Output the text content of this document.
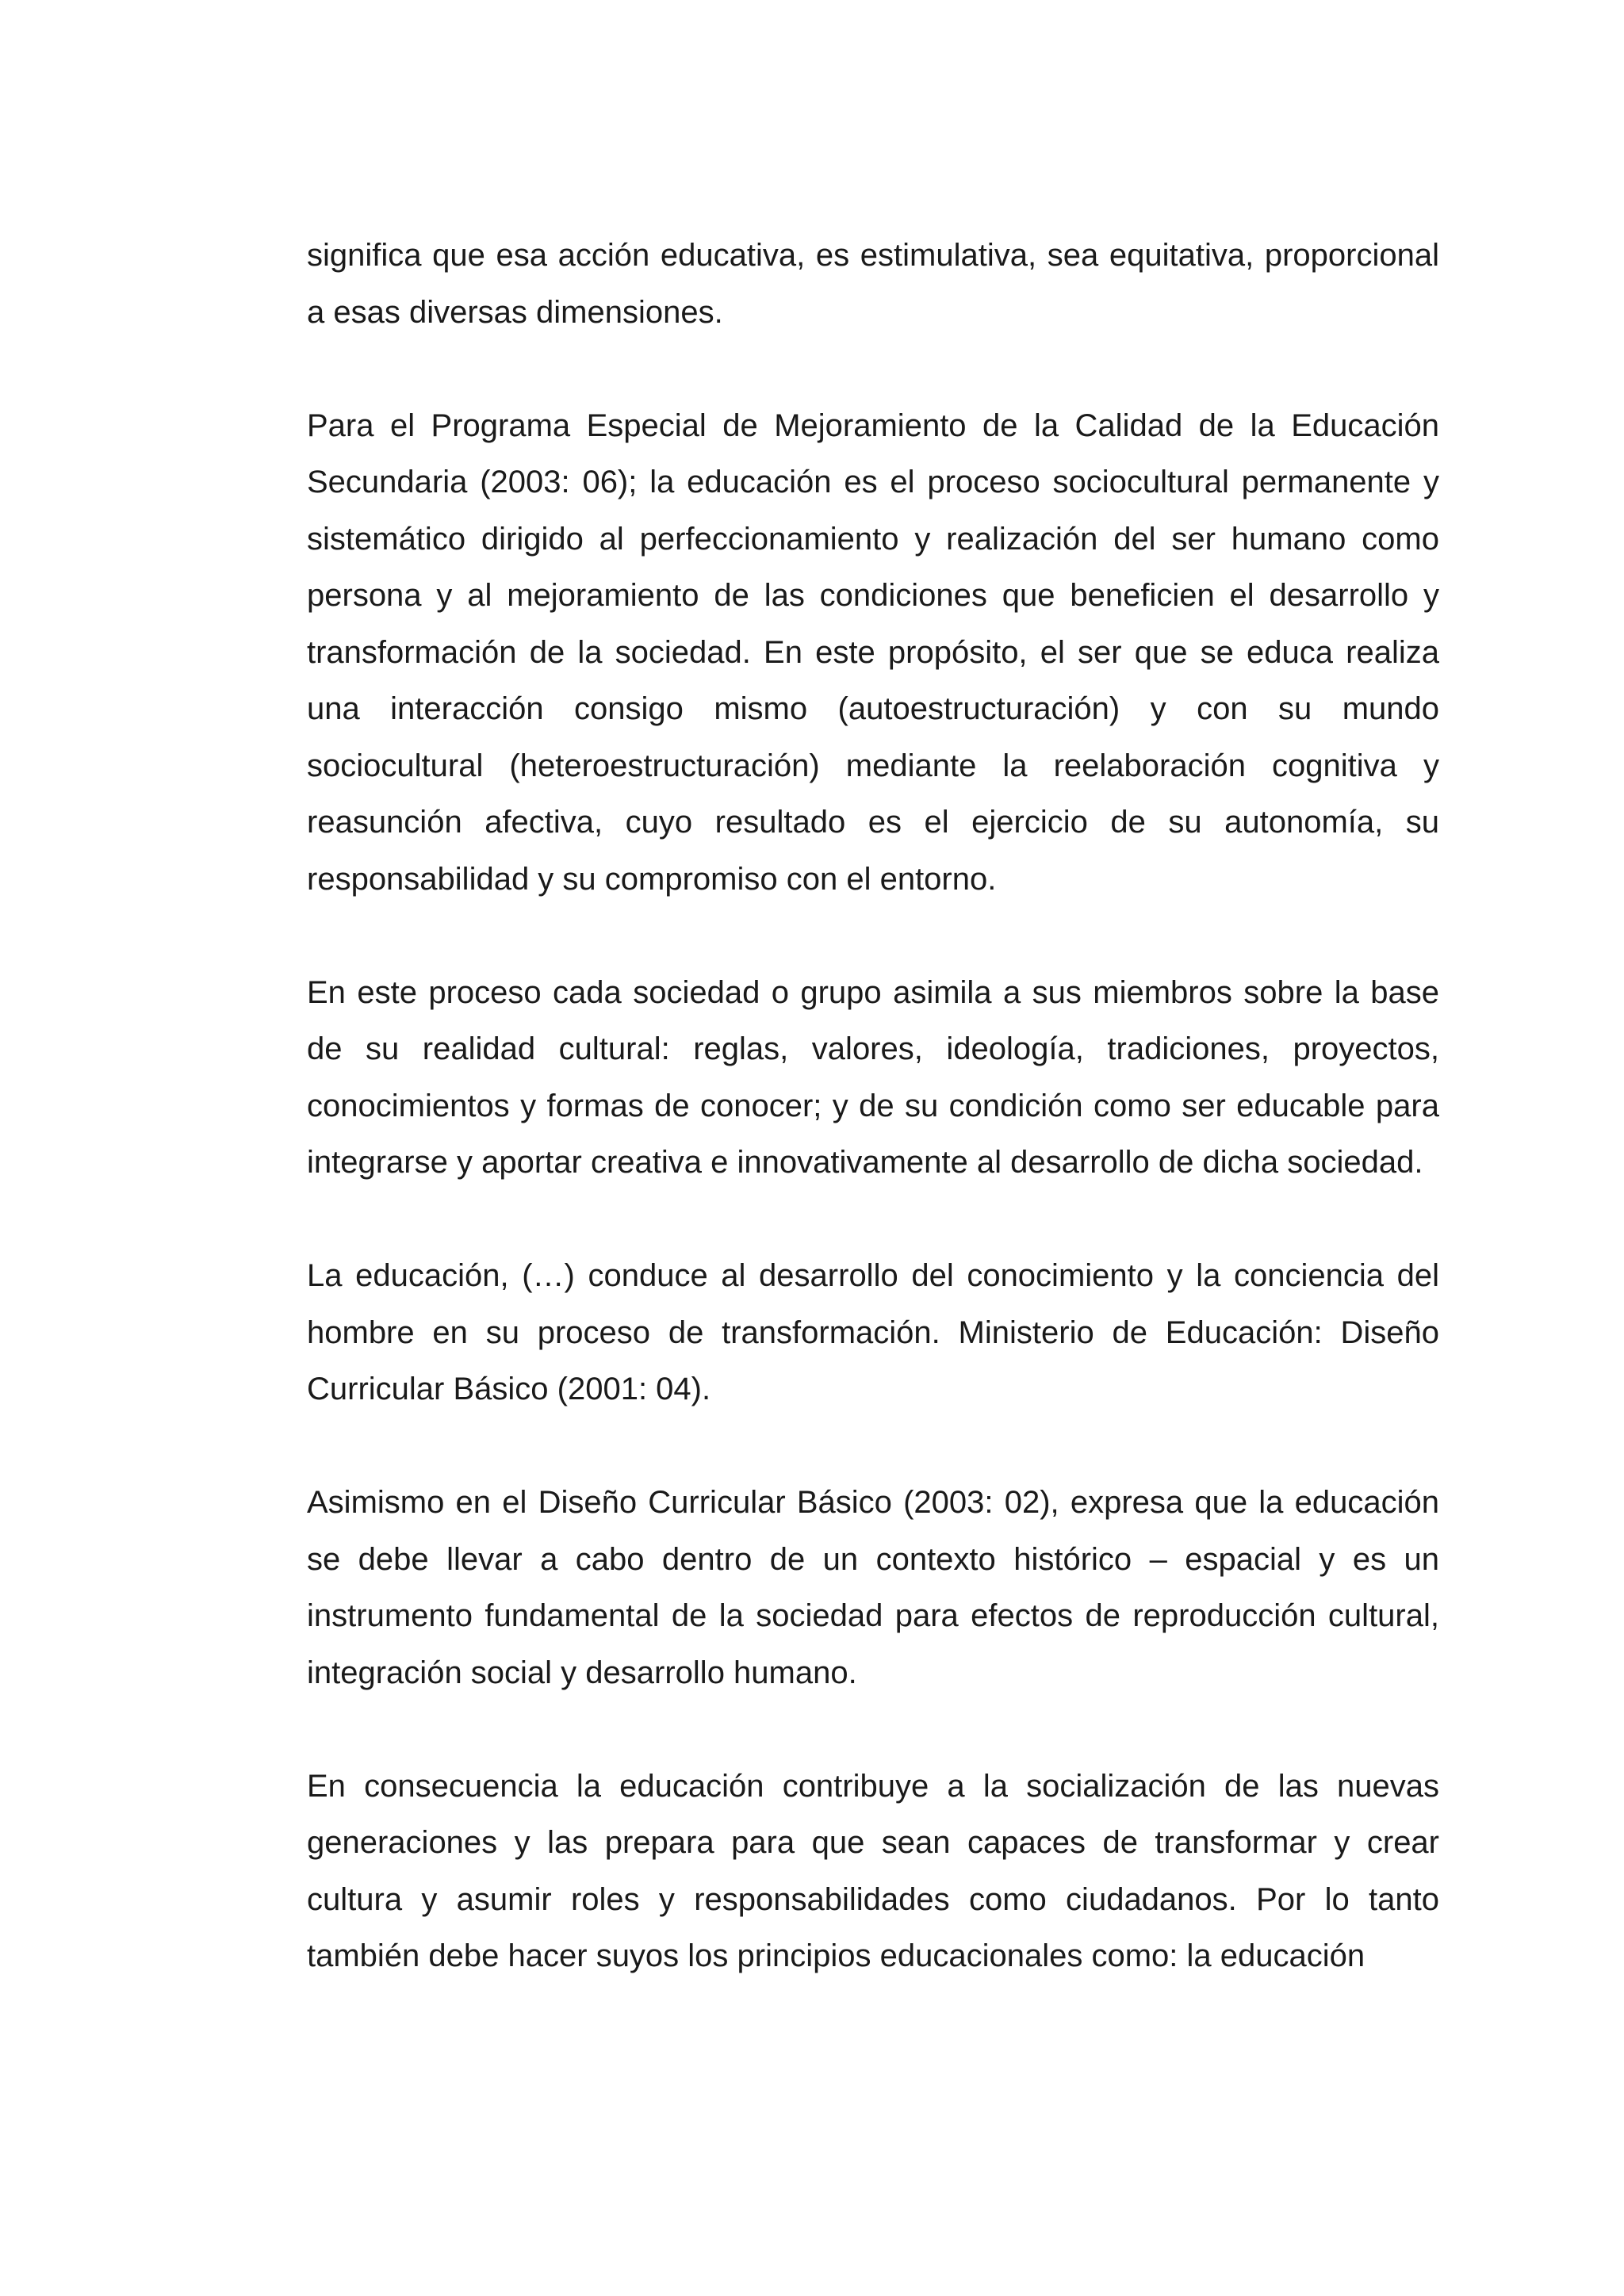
significa que esa acción educativa, es estimulativa, sea equitativa, proporcional a esas diversas dimensiones.

Para el Programa Especial de Mejoramiento de la Calidad de la Educación Secundaria (2003: 06); la educación es el proceso sociocultural permanente y sistemático dirigido al perfeccionamiento y realización del ser humano como persona y al mejoramiento de las condiciones que beneficien el desarrollo y transformación de la sociedad. En este propósito, el ser que se educa realiza una interacción consigo mismo (autoestructuración) y con su mundo sociocultural (heteroestructuración) mediante la reelaboración cognitiva y reasunción afectiva, cuyo resultado es el ejercicio de su autonomía, su responsabilidad y su compromiso con el entorno.

En este proceso cada sociedad o grupo asimila a sus miembros sobre la base de su realidad cultural: reglas, valores, ideología, tradiciones, proyectos, conocimientos y formas de conocer; y de su condición como ser educable para integrarse y aportar creativa e innovativamente al desarrollo de dicha sociedad.

La educación, (…) conduce al desarrollo del conocimiento y la conciencia del hombre en su proceso de transformación. Ministerio de Educación: Diseño Curricular Básico (2001: 04).

Asimismo en el Diseño Curricular Básico (2003: 02), expresa que la educación se debe llevar a cabo dentro de un contexto histórico – espacial y es un instrumento fundamental de la sociedad para efectos de reproducción cultural, integración social y desarrollo humano.

En consecuencia la educación contribuye a la socialización de las nuevas generaciones y las prepara para que sean capaces de transformar y crear cultura y asumir roles y responsabilidades como ciudadanos. Por lo tanto también debe hacer suyos los principios educacionales como: la educación
